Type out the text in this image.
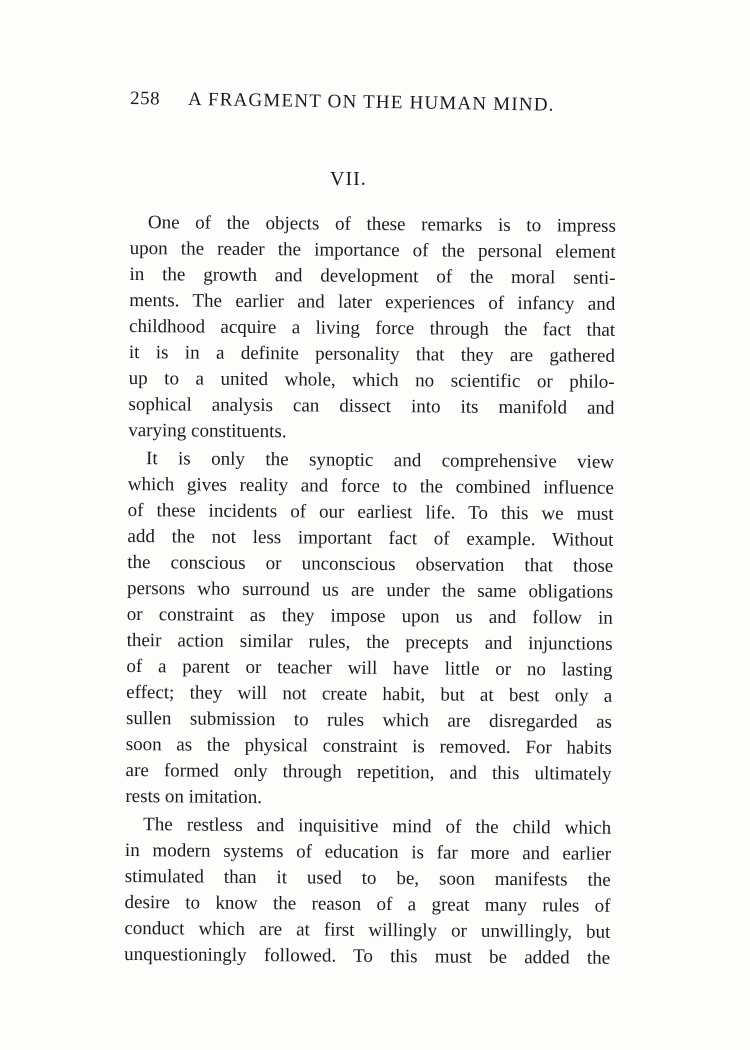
258 A FRAGMENT ON THE HUMAN MIND.
VII.
One of the objects of these remarks is to impress
upon the reader the importance of the personal element
in the growth and development of the moral senti-
ments. The earlier and later experiences of infancy and
childhood acquire a living force through the fact that
it is in a definite personality that they are gathered
up to a united whole, which no scientific or philo-
sophical analysis can dissect into its manifold and
varying constituents.
It is only the synoptic and comprehensive view
which gives reality and force to the combined influence
of these incidents of our earliest life. To this we must
add the not less important fact of example. Without
the conscious or unconscious observation that those
persons who surround us are under the same obligations
or constraint as they impose upon us and follow in
their action similar rules, the precepts and injunctions
of a parent or teacher will have little or no lasting
effect; they will not create habit, but at best only a
sullen submission to rules which are disregarded as
soon as the physical constraint is removed. For habits
are formed only through repetition, and this ultimately
rests on imitation.
The restless and inquisitive mind of the child which
in modern systems of education is far more and earlier
stimulated than it used to be, soon manifests the
desire to know the reason of a great many rules of
conduct which are at first willingly or unwillingly, but
unquestioningly followed. To this must be added the
